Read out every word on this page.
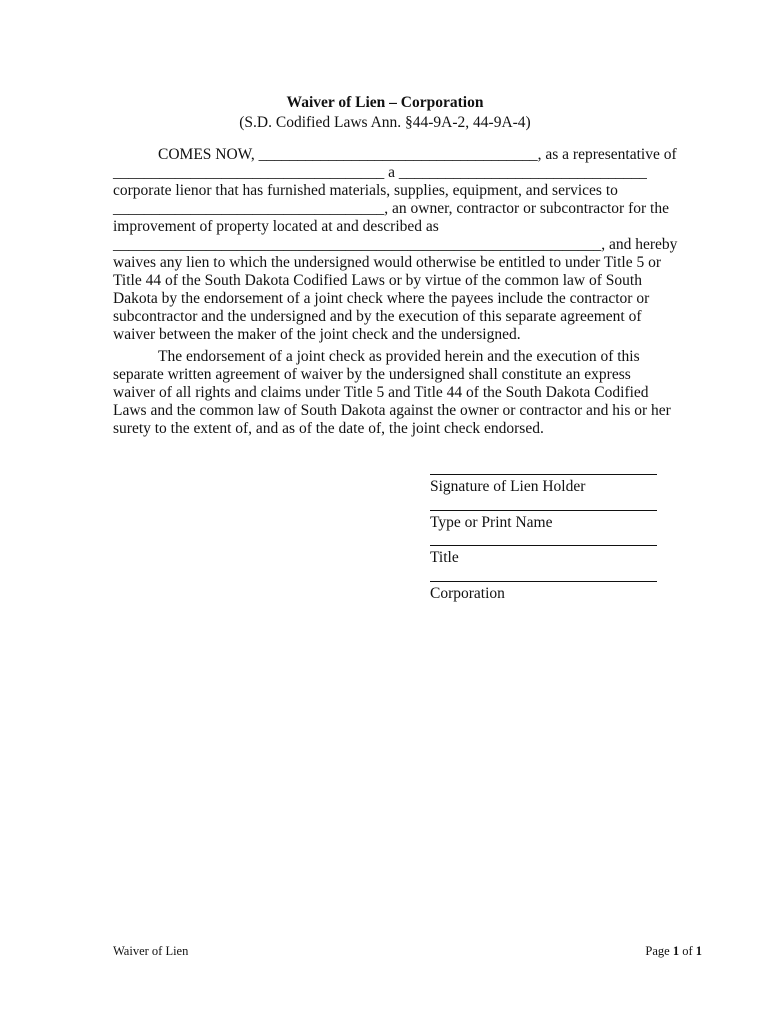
Waiver of Lien – Corporation
(S.D. Codified Laws Ann. §44-9A-2, 44-9A-4)
COMES NOW, ____________________________________, as a representative of
___________________________________ a ________________________________
corporate lienor that has furnished materials, supplies, equipment, and services to
___________________________________, an owner, contractor or subcontractor for the
improvement of property located at and described as
_______________________________________________________________, and hereby
waives any lien to which the undersigned would otherwise be entitled to under Title 5 or
Title 44 of the South Dakota Codified Laws or by virtue of the common law of South
Dakota by the endorsement of a joint check where the payees include the contractor or
subcontractor and the undersigned and by the execution of this separate agreement of
waiver between the maker of the joint check and the undersigned.
The endorsement of a joint check as provided herein and the execution of this
separate written agreement of waiver by the undersigned shall constitute an express
waiver of all rights and claims under Title 5 and Title 44 of the South Dakota Codified
Laws and the common law of South Dakota against the owner or contractor and his or her
surety to the extent of, and as of the date of, the joint check endorsed.
Signature of Lien Holder
Type or Print Name
Title
Corporation
Waiver of Lien	Page 1 of 1
